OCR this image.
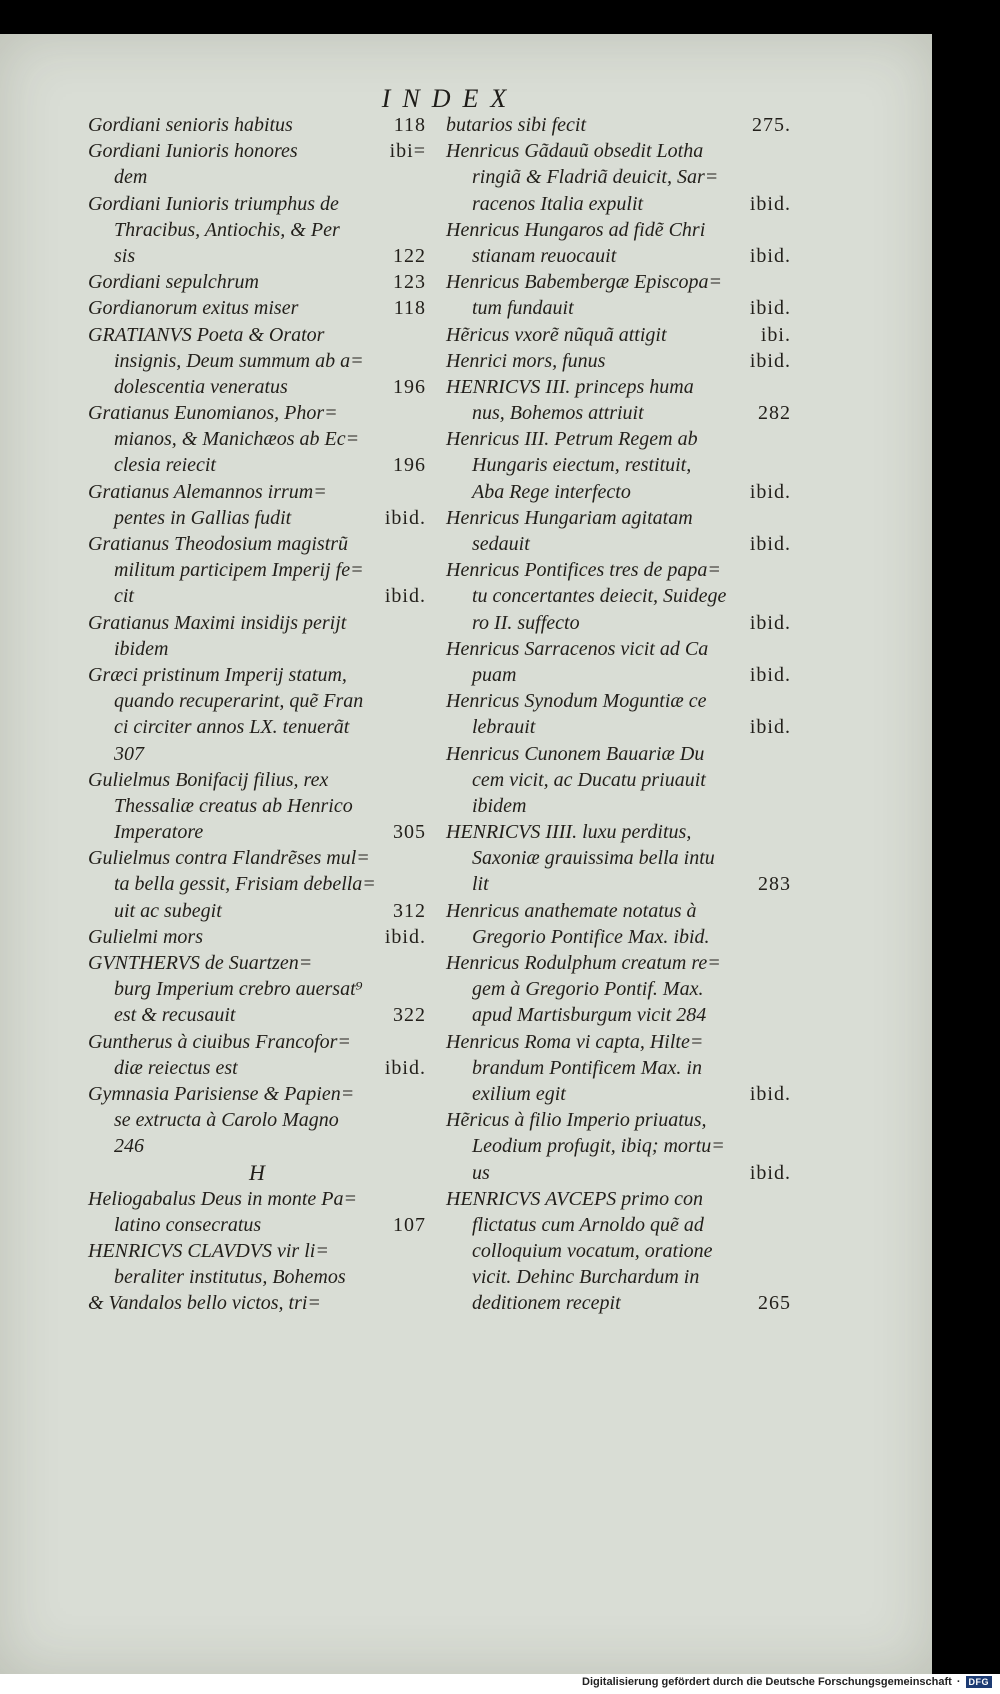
INDEX
Gordiani senioris habitus	118
Gordiani Iunioris honores	ibi=
dem
Gordiani Iunioris triumphus de
Thracibus, Antiochis, & Per
sis	122
Gordiani sepulchrum	123
Gordianorum exitus miser	118
GRATIANVS Poeta & Orator
insignis, Deum summum ab a=
dolescentia veneratus	196
Gratianus Eunomianos, Phor=
mianos, & Manichæos ab Ec=
clesia reiecit	196
Gratianus Alemannos irrum=
pentes in Gallias fudit	ibid.
Gratianus Theodosium magistrũ
militum participem Imperij fe=
cit	ibid.
Gratianus Maximi insidijs perijt
ibidem
Græci pristinum Imperij statum,
quando recuperarint, quẽ Fran
ci circiter annos LX. tenuerãt
307
Gulielmus Bonifacij filius, rex
Thessaliæ creatus ab Henrico
Imperatore	305
Gulielmus contra Flandrẽses mul=
ta bella gessit, Frisiam debella=
uit ac subegit	312
Gulielmi mors	ibid.
GVNTHERVS de Suartzen=
burg Imperium crebro auersat⁹
est & recusauit	322
Guntherus à ciuibus Francofor=
diæ reiectus est	ibid.
Gymnasia Parisiense & Papien=
se extructa à Carolo Magno
246
H
Heliogabalus Deus in monte Pa=
latino consecratus	107
HENRICVS CLAVDVS vir li=
beraliter institutus, Bohemos
& Vandalos bello victos, tri=
butarios sibi fecit	275.
Henricus Gãdauũ obsedit Lotha
ringiã & Fladriã deuicit, Sar=
racenos Italia expulit	ibid.
Henricus Hungaros ad fidẽ Chri
stianam reuocauit	ibid.
Henricus Babembergæ Episcopa=
tum fundauit	ibid.
Hẽricus vxorẽ nũquã attigit	ibi.
Henrici mors, funus	ibid.
HENRICVS III. princeps huma
nus, Bohemos attriuit	282
Henricus III. Petrum Regem ab
Hungaris eiectum, restituit,
Aba Rege interfecto	ibid.
Henricus Hungariam agitatam
sedauit	ibid.
Henricus Pontifices tres de papa=
tu concertantes deiecit, Suidege
ro II. suffecto	ibid.
Henricus Sarracenos vicit ad Ca
puam	ibid.
Henricus Synodum Moguntiæ ce
lebrauit	ibid.
Henricus Cunonem Bauariæ Du
cem vicit, ac Ducatu priuauit
ibidem
HENRICVS IIII. luxu perditus,
Saxoniæ grauissima bella intu
lit	283
Henricus anathemate notatus à
Gregorio Pontifice Max. ibid.
Henricus Rodulphum creatum re=
gem à Gregorio Pontif. Max.
apud Martisburgum vicit 284
Henricus Roma vi capta, Hilte=
brandum Pontificem Max. in
exilium egit	ibid.
Hẽricus à filio Imperio priuatus,
Leodium profugit, ibiq; mortu=
us	ibid.
HENRICVS AVCEPS primo con
flictatus cum Arnoldo quẽ ad
colloquium vocatum, oratione
vicit. Dehinc Burchardum in
deditionem recepit	265
Digitalisierung gefördert durch die Deutsche Forschungsgemeinschaft · DFG
